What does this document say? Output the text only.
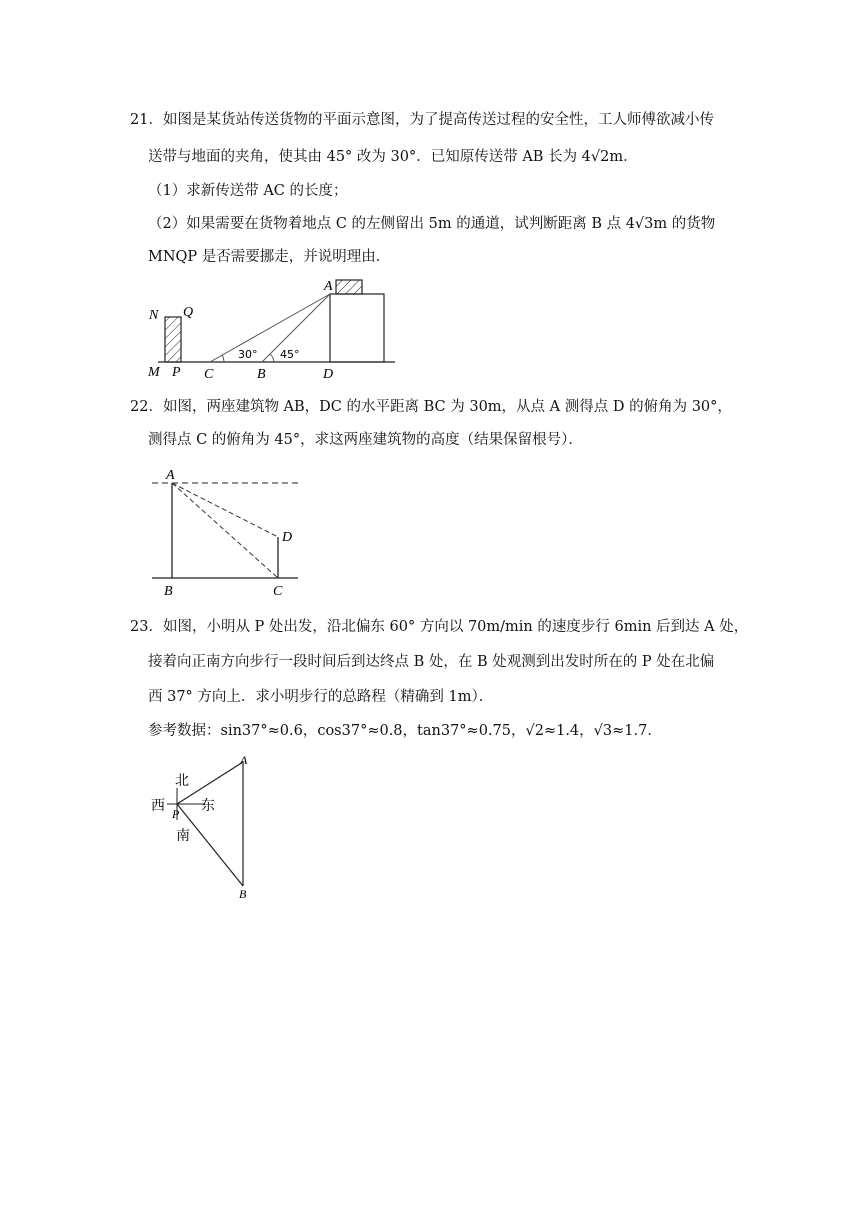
21．如图是某货站传送货物的平面示意图，为了提高传送过程的安全性，工人师傅欲减小传
送带与地面的夹角，使其由 45° 改为 30°．已知原传送带 AB 长为 4√2m．
（1）求新传送带 AC 的长度；
（2）如果需要在货物着地点 C 的左侧留出 5m 的通道，试判断距离 B 点 4√3m 的货物
MNQP 是否需要挪走，并说明理由．
N Q
M P C	B	D
A
30° 45°
22．如图，两座建筑物 AB，DC 的水平距离 BC 为 30m，从点 A 测得点 D 的俯角为 30°，
测得点 C 的俯角为 45°，求这两座建筑物的高度（结果保留根号）．
A
B	C
D
23．如图，小明从 P 处出发，沿北偏东 60° 方向以 70m/min 的速度步行 6min 后到达 A 处，
接着向正南方向步行一段时间后到达终点 B 处，在 B 处观测到出发时所在的 P 处在北偏
西 37° 方向上．求小明步行的总路程（精确到 1m）．
参考数据：sin37°≈0.6，cos37°≈0.8，tan37°≈0.75，√2≈1.4，√3≈1.7．
北
西	东
南
P
A
B
